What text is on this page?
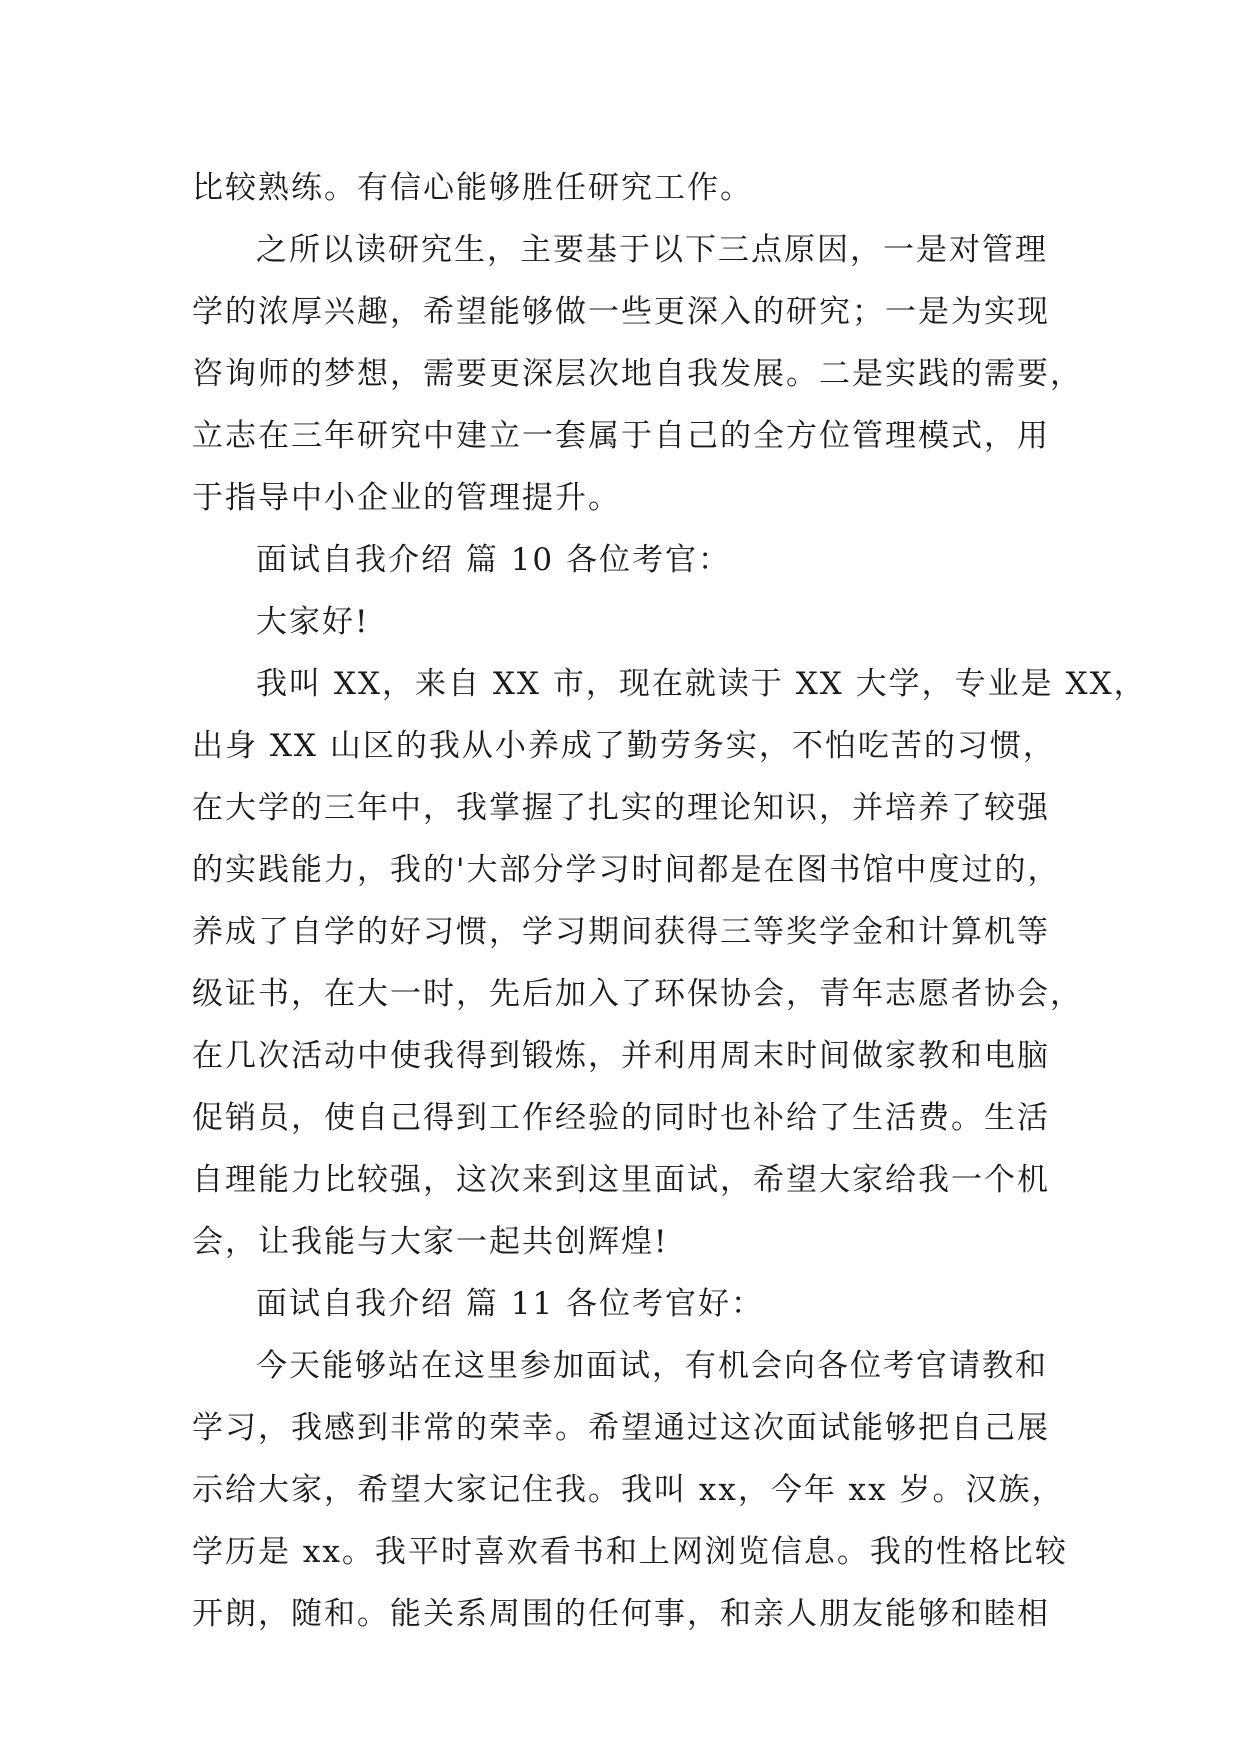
比较熟练。有信心能够胜任研究工作。
之所以读研究生，主要基于以下三点原因，一是对管理
学的浓厚兴趣，希望能够做一些更深入的研究；一是为实现
咨询师的梦想，需要更深层次地自我发展。二是实践的需要，
立志在三年研究中建立一套属于自己的全方位管理模式，用
于指导中小企业的管理提升。
面试自我介绍 篇 10 各位考官：
大家好!
我叫 XX，来自 XX 市，现在就读于 XX 大学，专业是 XX，
出身 XX 山区的我从小养成了勤劳务实，不怕吃苦的习惯，
在大学的三年中，我掌握了扎实的理论知识，并培养了较强
的实践能力，我的'大部分学习时间都是在图书馆中度过的，
养成了自学的好习惯，学习期间获得三等奖学金和计算机等
级证书，在大一时，先后加入了环保协会，青年志愿者协会，
在几次活动中使我得到锻炼，并利用周末时间做家教和电脑
促销员，使自己得到工作经验的同时也补给了生活费。生活
自理能力比较强，这次来到这里面试，希望大家给我一个机
会，让我能与大家一起共创辉煌!
面试自我介绍 篇 11 各位考官好：
今天能够站在这里参加面试，有机会向各位考官请教和
学习，我感到非常的荣幸。希望通过这次面试能够把自己展
示给大家，希望大家记住我。我叫 xx，今年 xx 岁。汉族，
学历是 xx。我平时喜欢看书和上网浏览信息。我的性格比较
开朗，随和。能关系周围的任何事，和亲人朋友能够和睦相
